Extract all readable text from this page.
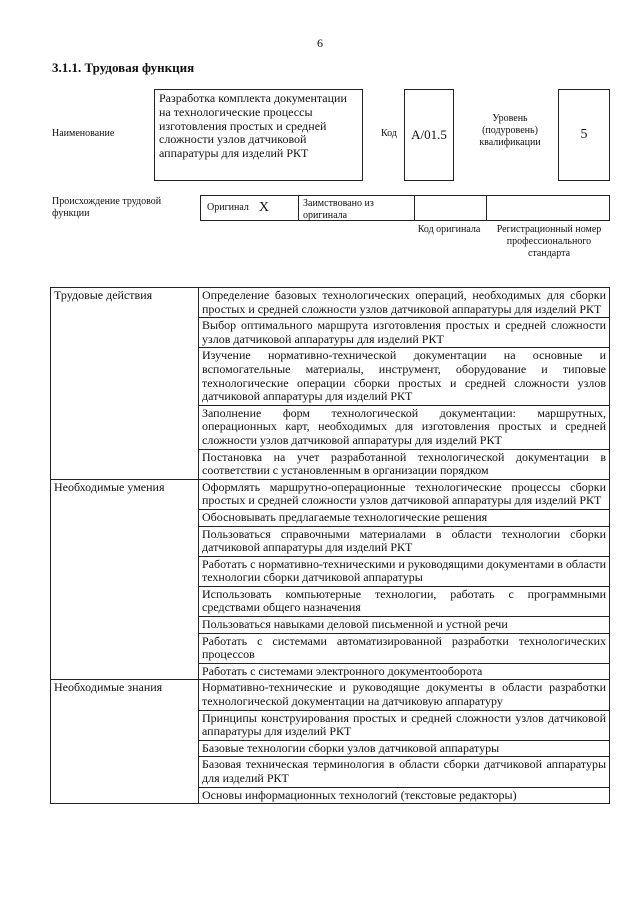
6
3.1.1. Трудовая функция
Наименование
Разработка комплекта документации на технологические процессы изготовления простых и средней сложности узлов датчиковой аппаратуры для изделий РКТ
Код	А/01.5
Уровень (подуровень) квалификации
5
Происхождение трудовой функции
Оригинал Х	Заимствовано из оригинала
Код оригинала	Регистрационный номер профессионального стандарта
Трудовые действия	Определение базовых технологических операций, необходимых для сборки простых и средней сложности узлов датчиковой аппаратуры для изделий РКТ
	Выбор оптимального маршрута изготовления простых и средней сложности узлов датчиковой аппаратуры для изделий РКТ
	Изучение нормативно-технической документации на основные и вспомогательные материалы, инструмент, оборудование и типовые технологические операции сборки простых и средней сложности узлов датчиковой аппаратуры для изделий РКТ
	Заполнение форм технологической документации: маршрутных, операционных карт, необходимых для изготовления простых и средней сложности узлов датчиковой аппаратуры для изделий РКТ
	Постановка на учет разработанной технологической документации в соответствии с установленным в организации порядком
Необходимые умения	Оформлять маршрутно-операционные технологические процессы сборки простых и средней сложности узлов датчиковой аппаратуры для изделий РКТ
	Обосновывать предлагаемые технологические решения
	Пользоваться справочными материалами в области технологии сборки датчиковой аппаратуры для изделий РКТ
	Работать с нормативно-техническими и руководящими документами в области технологии сборки датчиковой аппаратуры
	Использовать компьютерные технологии, работать с программными средствами общего назначения
	Пользоваться навыками деловой письменной и устной речи
	Работать с системами автоматизированной разработки технологических процессов
	Работать с системами электронного документооборота
Необходимые знания	Нормативно-технические и руководящие документы в области разработки технологической документации на датчиковую аппаратуру
	Принципы конструирования простых и средней сложности узлов датчиковой аппаратуры для изделий РКТ
	Базовые технологии сборки узлов датчиковой аппаратуры
	Базовая техническая терминология в области сборки датчиковой аппаратуры для изделий РКТ
	Основы информационных технологий (текстовые редакторы)
